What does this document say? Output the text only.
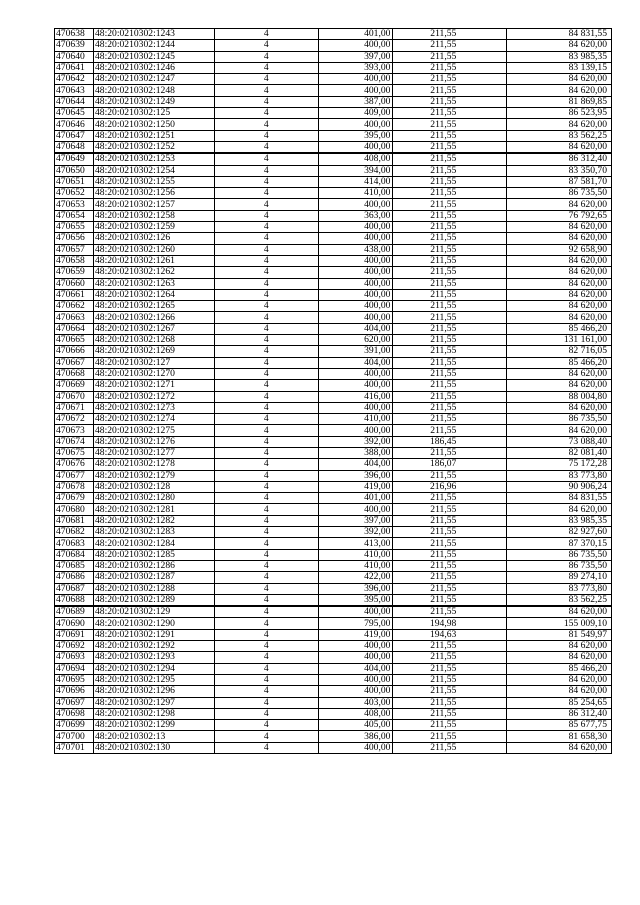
470638	48:20:0210302:1243	4	401,00	211,55	84 831,55
470639	48:20:0210302:1244	4	400,00	211,55	84 620,00
470640	48:20:0210302:1245	4	397,00	211,55	83 985,35
470641	48:20:0210302:1246	4	393,00	211,55	83 139,15
470642	48:20:0210302:1247	4	400,00	211,55	84 620,00
470643	48:20:0210302:1248	4	400,00	211,55	84 620,00
470644	48:20:0210302:1249	4	387,00	211,55	81 869,85
470645	48:20:0210302:125	4	409,00	211,55	86 523,95
470646	48:20:0210302:1250	4	400,00	211,55	84 620,00
470647	48:20:0210302:1251	4	395,00	211,55	83 562,25
470648	48:20:0210302:1252	4	400,00	211,55	84 620,00
470649	48:20:0210302:1253	4	408,00	211,55	86 312,40
470650	48:20:0210302:1254	4	394,00	211,55	83 350,70
470651	48:20:0210302:1255	4	414,00	211,55	87 581,70
470652	48:20:0210302:1256	4	410,00	211,55	86 735,50
470653	48:20:0210302:1257	4	400,00	211,55	84 620,00
470654	48:20:0210302:1258	4	363,00	211,55	76 792,65
470655	48:20:0210302:1259	4	400,00	211,55	84 620,00
470656	48:20:0210302:126	4	400,00	211,55	84 620,00
470657	48:20:0210302:1260	4	438,00	211,55	92 658,90
470658	48:20:0210302:1261	4	400,00	211,55	84 620,00
470659	48:20:0210302:1262	4	400,00	211,55	84 620,00
470660	48:20:0210302:1263	4	400,00	211,55	84 620,00
470661	48:20:0210302:1264	4	400,00	211,55	84 620,00
470662	48:20:0210302:1265	4	400,00	211,55	84 620,00
470663	48:20:0210302:1266	4	400,00	211,55	84 620,00
470664	48:20:0210302:1267	4	404,00	211,55	85 466,20
470665	48:20:0210302:1268	4	620,00	211,55	131 161,00
470666	48:20:0210302:1269	4	391,00	211,55	82 716,05
470667	48:20:0210302:127	4	404,00	211,55	85 466,20
470668	48:20:0210302:1270	4	400,00	211,55	84 620,00
470669	48:20:0210302:1271	4	400,00	211,55	84 620,00
470670	48:20:0210302:1272	4	416,00	211,55	88 004,80
470671	48:20:0210302:1273	4	400,00	211,55	84 620,00
470672	48:20:0210302:1274	4	410,00	211,55	86 735,50
470673	48:20:0210302:1275	4	400,00	211,55	84 620,00
470674	48:20:0210302:1276	4	392,00	186,45	73 088,40
470675	48:20:0210302:1277	4	388,00	211,55	82 081,40
470676	48:20:0210302:1278	4	404,00	186,07	75 172,28
470677	48:20:0210302:1279	4	396,00	211,55	83 773,80
470678	48:20:0210302:128	4	419,00	216,96	90 906,24
470679	48:20:0210302:1280	4	401,00	211,55	84 831,55
470680	48:20:0210302:1281	4	400,00	211,55	84 620,00
470681	48:20:0210302:1282	4	397,00	211,55	83 985,35
470682	48:20:0210302:1283	4	392,00	211,55	82 927,60
470683	48:20:0210302:1284	4	413,00	211,55	87 370,15
470684	48:20:0210302:1285	4	410,00	211,55	86 735,50
470685	48:20:0210302:1286	4	410,00	211,55	86 735,50
470686	48:20:0210302:1287	4	422,00	211,55	89 274,10
470687	48:20:0210302:1288	4	396,00	211,55	83 773,80
470688	48:20:0210302:1289	4	395,00	211,55	83 562,25
470689	48:20:0210302:129	4	400,00	211,55	84 620,00
470690	48:20:0210302:1290	4	795,00	194,98	155 009,10
470691	48:20:0210302:1291	4	419,00	194,63	81 549,97
470692	48:20:0210302:1292	4	400,00	211,55	84 620,00
470693	48:20:0210302:1293	4	400,00	211,55	84 620,00
470694	48:20:0210302:1294	4	404,00	211,55	85 466,20
470695	48:20:0210302:1295	4	400,00	211,55	84 620,00
470696	48:20:0210302:1296	4	400,00	211,55	84 620,00
470697	48:20:0210302:1297	4	403,00	211,55	85 254,65
470698	48:20:0210302:1298	4	408,00	211,55	86 312,40
470699	48:20:0210302:1299	4	405,00	211,55	85 677,75
470700	48:20:0210302:13	4	386,00	211,55	81 658,30
470701	48:20:0210302:130	4	400,00	211,55	84 620,00
